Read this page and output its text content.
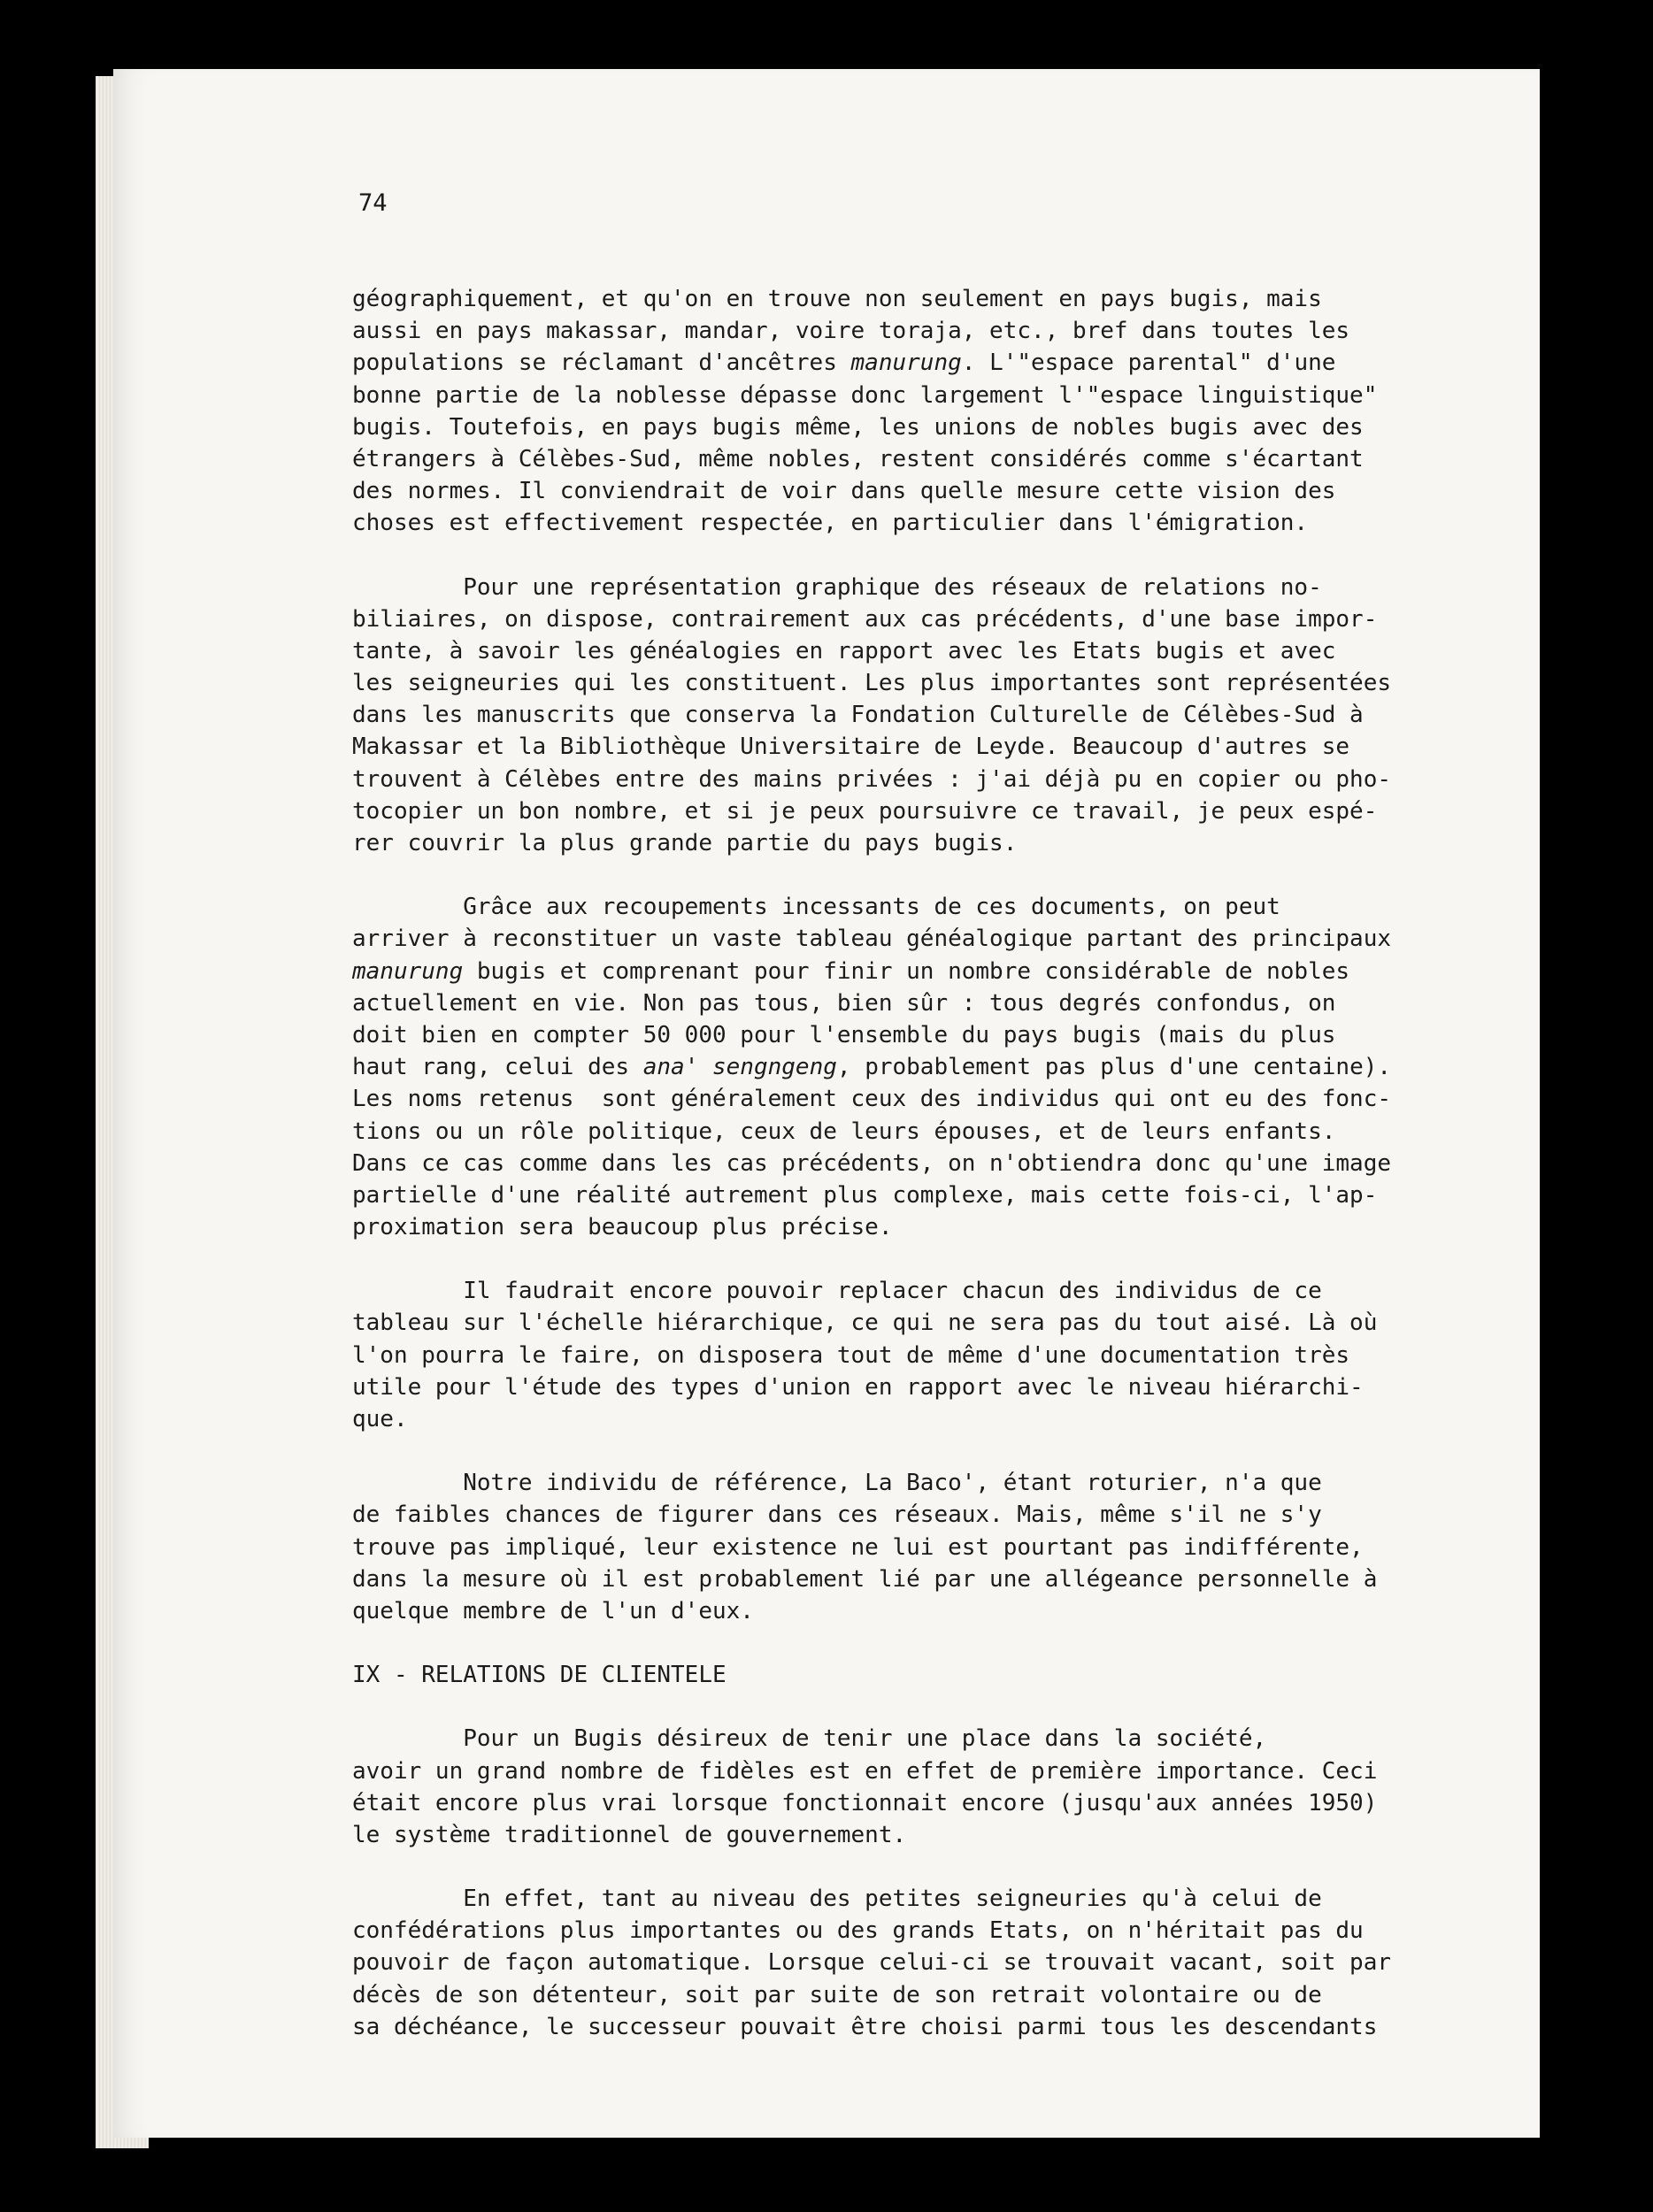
74
géographiquement, et qu'on en trouve non seulement en pays bugis, mais
aussi en pays makassar, mandar, voire toraja, etc., bref dans toutes les
populations se réclamant d'ancêtres manurung. L'"espace parental" d'une
bonne partie de la noblesse dépasse donc largement l'"espace linguistique"
bugis. Toutefois, en pays bugis même, les unions de nobles bugis avec des
étrangers à Célèbes-Sud, même nobles, restent considérés comme s'écartant
des normes. Il conviendrait de voir dans quelle mesure cette vision des
choses est effectivement respectée, en particulier dans l'émigration.
Pour une représentation graphique des réseaux de relations no-
biliaires, on dispose, contrairement aux cas précédents, d'une base impor-
tante, à savoir les généalogies en rapport avec les Etats bugis et avec
les seigneuries qui les constituent. Les plus importantes sont représentées
dans les manuscrits que conserva la Fondation Culturelle de Célèbes-Sud à
Makassar et la Bibliothèque Universitaire de Leyde. Beaucoup d'autres se
trouvent à Célèbes entre des mains privées : j'ai déjà pu en copier ou pho-
tocopier un bon nombre, et si je peux poursuivre ce travail, je peux espé-
rer couvrir la plus grande partie du pays bugis.
Grâce aux recoupements incessants de ces documents, on peut
arriver à reconstituer un vaste tableau généalogique partant des principaux
manurung bugis et comprenant pour finir un nombre considérable de nobles
actuellement en vie. Non pas tous, bien sûr : tous degrés confondus, on
doit bien en compter 50 000 pour l'ensemble du pays bugis (mais du plus
haut rang, celui des ana' sengngeng, probablement pas plus d'une centaine).
Les noms retenus  sont généralement ceux des individus qui ont eu des fonc-
tions ou un rôle politique, ceux de leurs épouses, et de leurs enfants.
Dans ce cas comme dans les cas précédents, on n'obtiendra donc qu'une image
partielle d'une réalité autrement plus complexe, mais cette fois-ci, l'ap-
proximation sera beaucoup plus précise.
Il faudrait encore pouvoir replacer chacun des individus de ce
tableau sur l'échelle hiérarchique, ce qui ne sera pas du tout aisé. Là où
l'on pourra le faire, on disposera tout de même d'une documentation très
utile pour l'étude des types d'union en rapport avec le niveau hiérarchi-
que.
Notre individu de référence, La Baco', étant roturier, n'a que
de faibles chances de figurer dans ces réseaux. Mais, même s'il ne s'y
trouve pas impliqué, leur existence ne lui est pourtant pas indifférente,
dans la mesure où il est probablement lié par une allégeance personnelle à
quelque membre de l'un d'eux.
IX - RELATIONS DE CLIENTELE
Pour un Bugis désireux de tenir une place dans la société,
avoir un grand nombre de fidèles est en effet de première importance. Ceci
était encore plus vrai lorsque fonctionnait encore (jusqu'aux années 1950)
le système traditionnel de gouvernement.
En effet, tant au niveau des petites seigneuries qu'à celui de
confédérations plus importantes ou des grands Etats, on n'héritait pas du
pouvoir de façon automatique. Lorsque celui-ci se trouvait vacant, soit par
décès de son détenteur, soit par suite de son retrait volontaire ou de
sa déchéance, le successeur pouvait être choisi parmi tous les descendants
